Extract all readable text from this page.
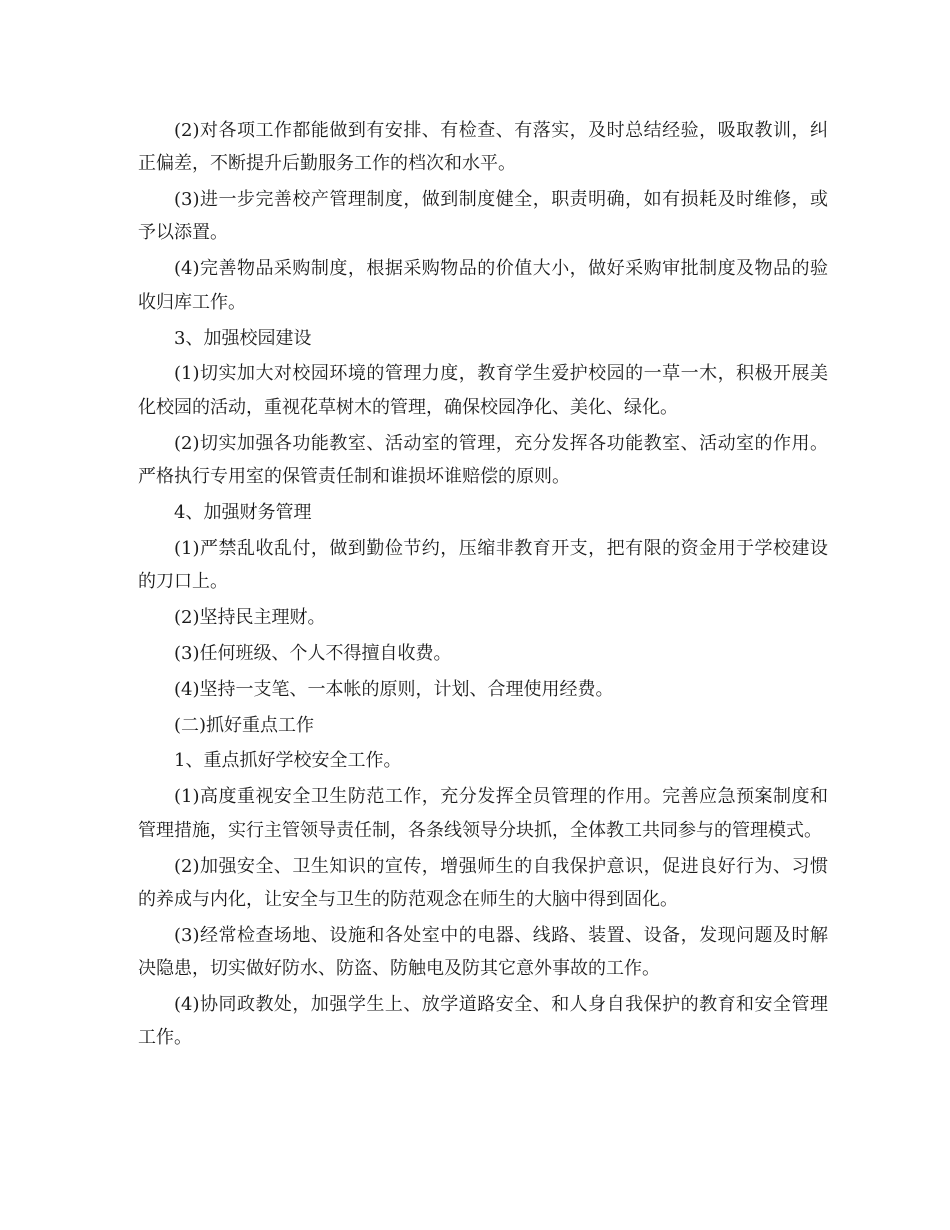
(2)对各项工作都能做到有安排、有检查、有落实，及时总结经验，吸取教训，纠正偏差，不断提升后勤服务工作的档次和水平。

(3)进一步完善校产管理制度，做到制度健全，职责明确，如有损耗及时维修，或予以添置。

(4)完善物品采购制度，根据采购物品的价值大小，做好采购审批制度及物品的验收归库工作。

3、加强校园建设

(1)切实加大对校园环境的管理力度，教育学生爱护校园的一草一木，积极开展美化校园的活动，重视花草树木的管理，确保校园净化、美化、绿化。

(2)切实加强各功能教室、活动室的管理，充分发挥各功能教室、活动室的作用。严格执行专用室的保管责任制和谁损坏谁赔偿的原则。

4、加强财务管理

(1)严禁乱收乱付，做到勤俭节约，压缩非教育开支，把有限的资金用于学校建设的刀口上。

(2)坚持民主理财。

(3)任何班级、个人不得擅自收费。

(4)坚持一支笔、一本帐的原则，计划、合理使用经费。

(二)抓好重点工作

1、重点抓好学校安全工作。

(1)高度重视安全卫生防范工作，充分发挥全员管理的作用。完善应急预案制度和管理措施，实行主管领导责任制，各条线领导分块抓，全体教工共同参与的管理模式。

(2)加强安全、卫生知识的宣传，增强师生的自我保护意识，促进良好行为、习惯的养成与内化，让安全与卫生的防范观念在师生的大脑中得到固化。

(3)经常检查场地、设施和各处室中的电器、线路、装置、设备，发现问题及时解决隐患，切实做好防水、防盗、防触电及防其它意外事故的工作。

(4)协同政教处，加强学生上、放学道路安全、和人身自我保护的教育和安全管理工作。
